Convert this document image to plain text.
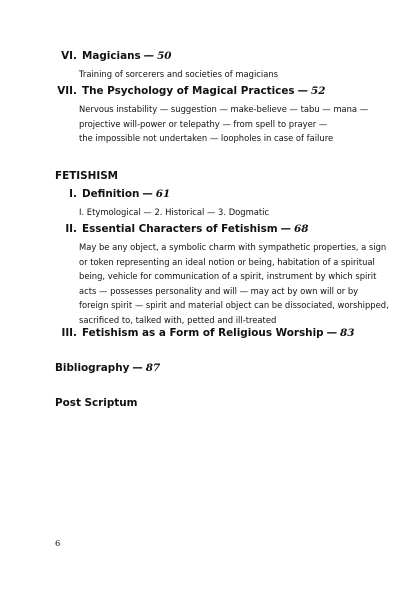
VI. Magicians — 50
Training of sorcerers and societies of magicians
VII. The Psychology of Magical Practices — 52
Nervous instability — suggestion — make-believe — tabu — mana —
projective will-power or telepathy — from spell to prayer —
the impossible not undertaken — loopholes in case of failure
FETISHISM
I. Definition — 61
I. Etymological — 2. Historical — 3. Dogmatic
II. Essential Characters of Fetishism — 68
May be any object, a symbolic charm with sympathetic properties, a sign
or token representing an ideal notion or being, habitation of a spiritual
being, vehicle for communication of a spirit, instrument by which spirit
acts — possesses personality and will — may act by own will or by
foreign spirit — spirit and material object can be dissociated, worshipped,
sacrificed to, talked with, petted and ill-treated
III. Fetishism as a Form of Religious Worship — 83
Bibliography — 87
Post Scriptum
6
